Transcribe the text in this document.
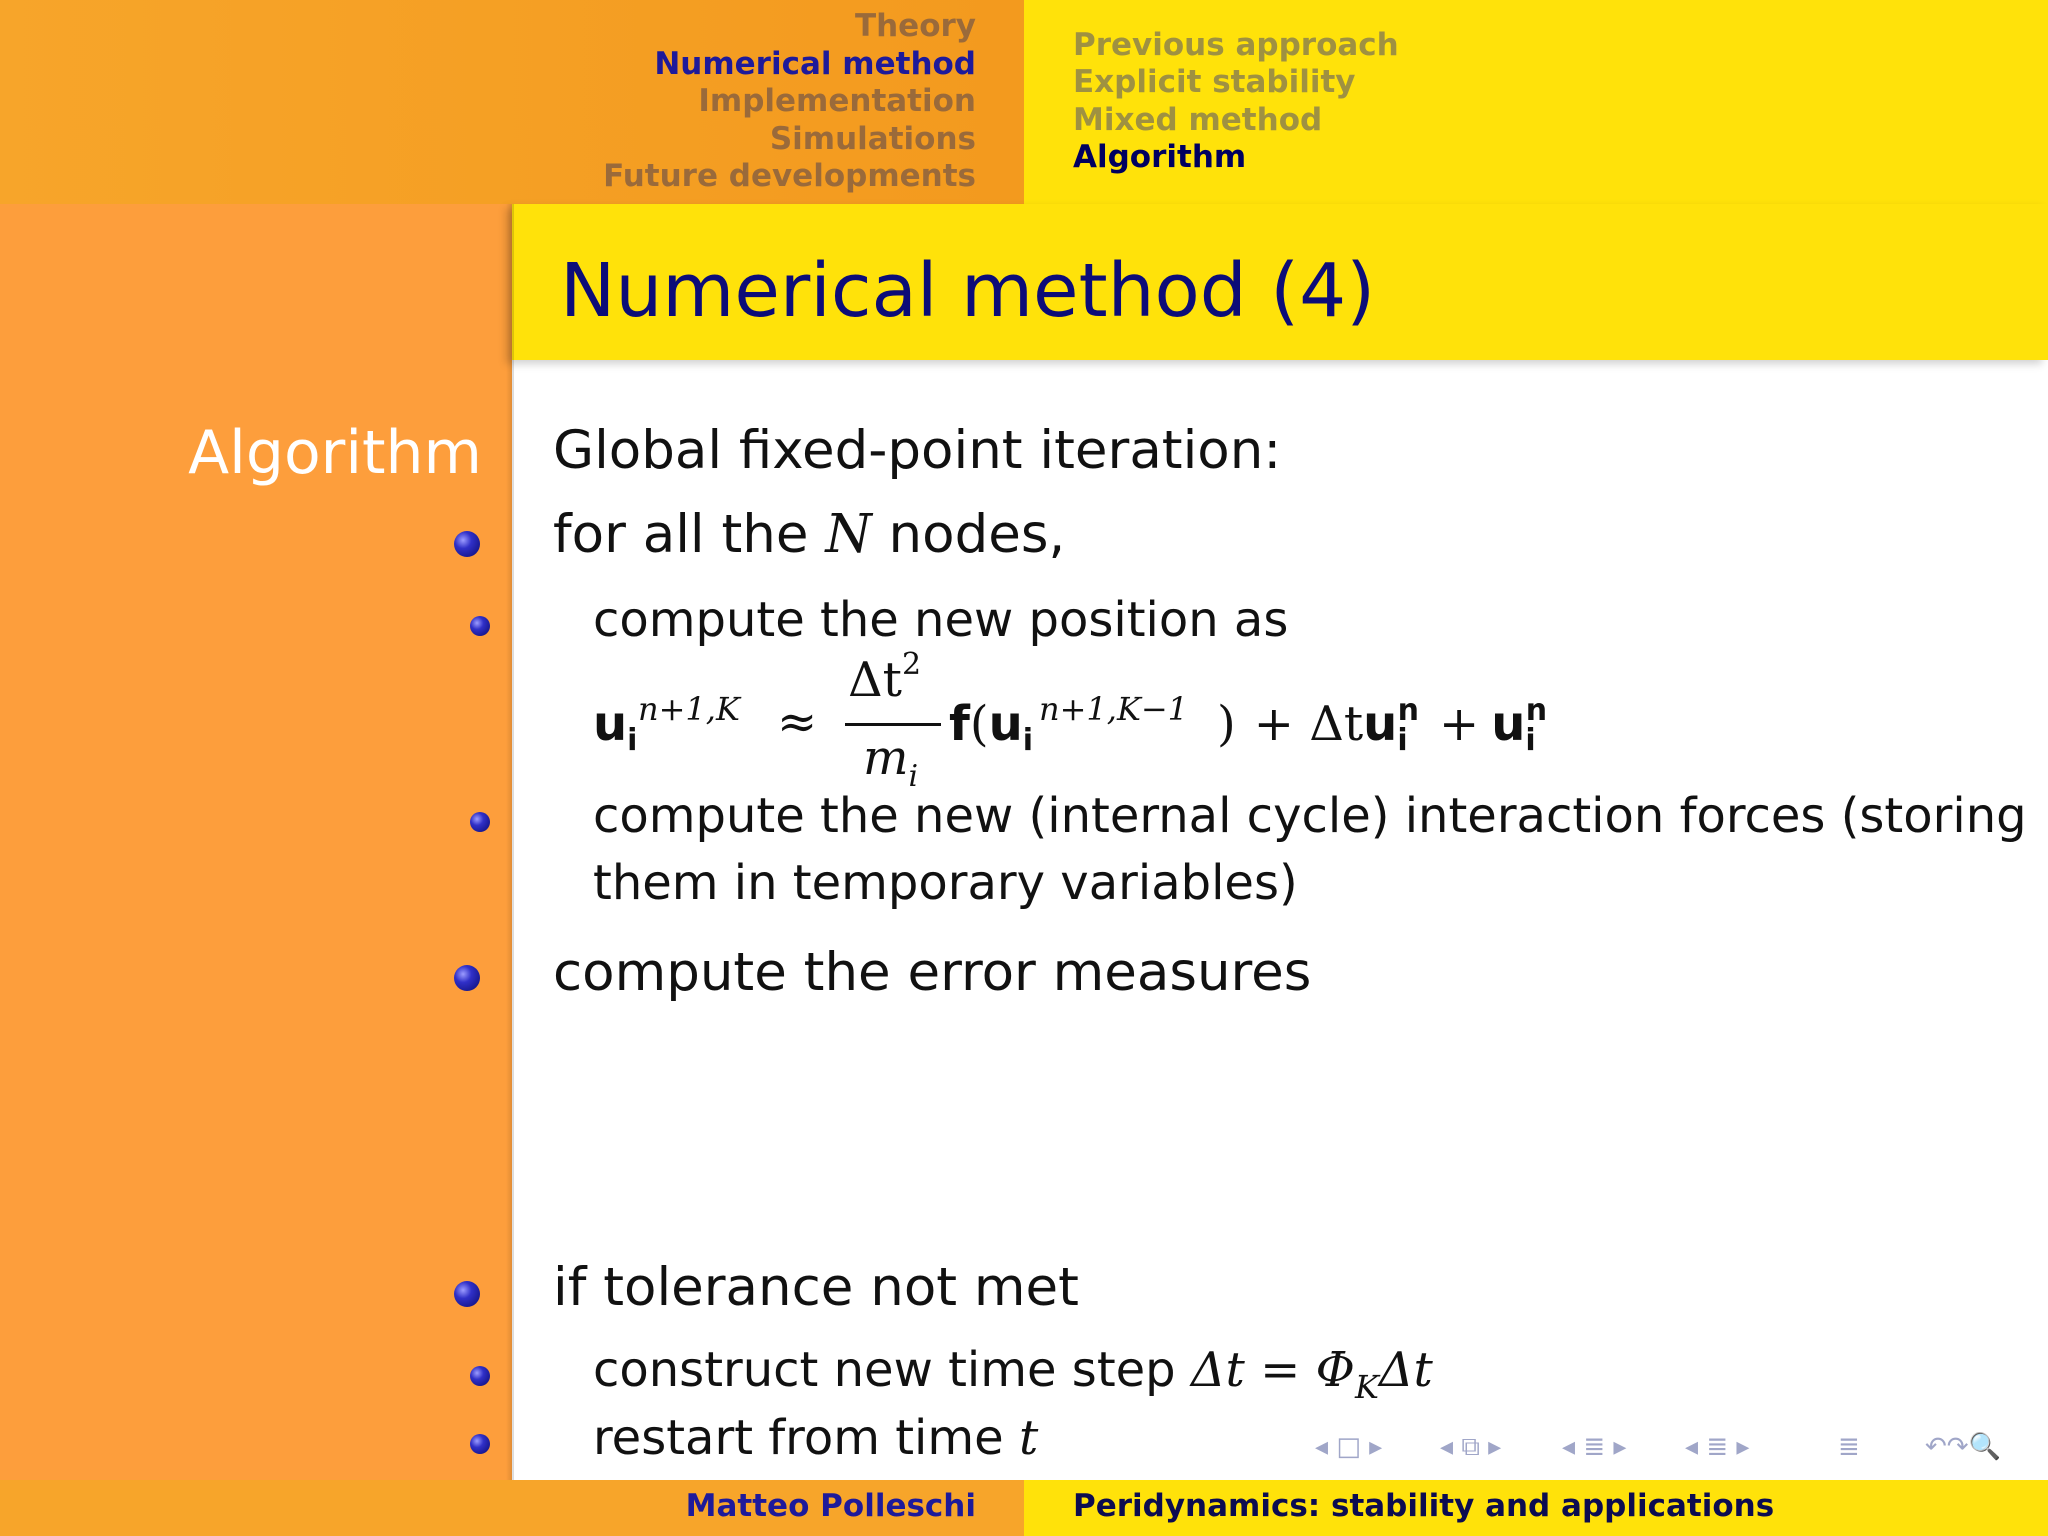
Theory
Numerical method
Implementation
Simulations
Future developments
Previous approach
Explicit stability
Mixed method
Algorithm
Algorithm
Numerical method (4)
Global fixed-point iteration:
for all the N nodes,
compute the new position as
$u_i$
n+1,K ≈
$\Delta t^2$
$m_i$
$f(u_i$
n+1,K−1 ) + $\Delta tu_i^n + u_i^n$
compute the new (internal cycle) interaction forces (storing
them in temporary variables)
compute the error measures
if tolerance not met
construct new time step $\Delta t = \Phi_K\Delta t$
restart from time t	◂ □ ▸ ◂ ⧉ ▸ ◂ ≣ ▸ ◂ ≣ ▸	≣	↶↷🔍
Matteo Polleschi	Peridynamics: stability and applications
